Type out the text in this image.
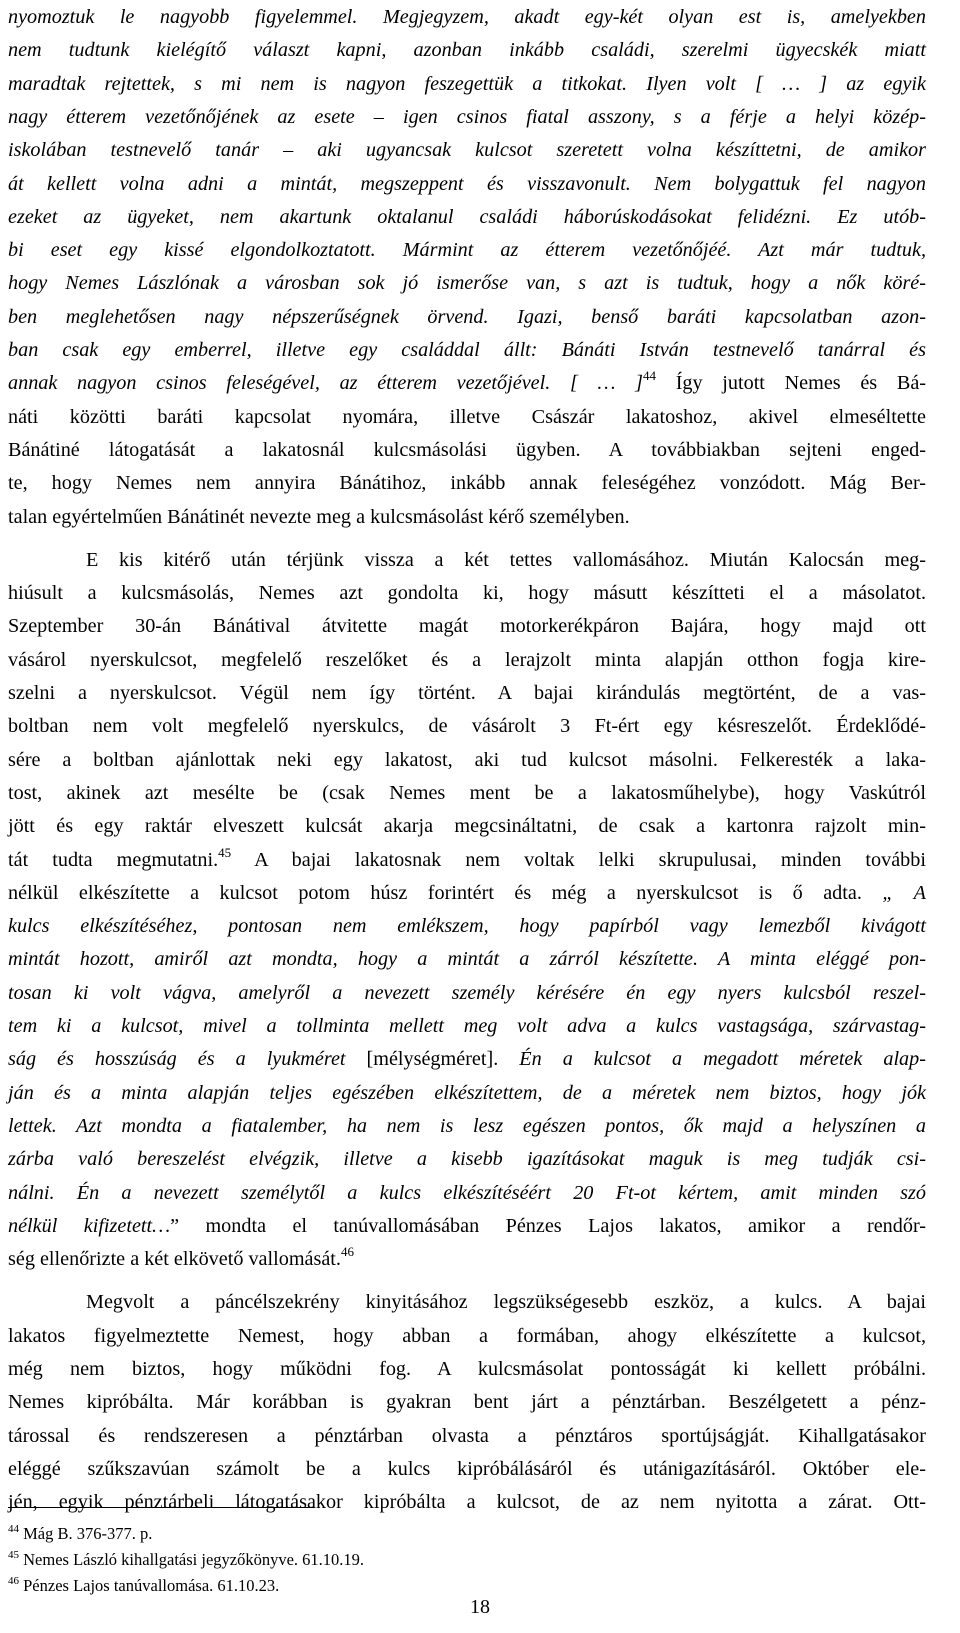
nyomoztuk le nagyobb figyelemmel. Megjegyzem, akadt egy-két olyan est is, amelyekben
nem tudtunk kielégítő választ kapni, azonban inkább családi, szerelmi ügyecskék miatt
maradtak rejtettek, s mi nem is nagyon feszegettük a titkokat. Ilyen volt [ … ] az egyik
nagy étterem vezetőnőjének az esete – igen csinos fiatal asszony, s a férje a helyi közép-
iskolában testnevelő tanár – aki ugyancsak kulcsot szeretett volna készíttetni, de amikor
át kellett volna adni a mintát, megszeppent és visszavonult. Nem bolygattuk fel nagyon
ezeket az ügyeket, nem akartunk oktalanul családi háborúskodásokat felidézni. Ez utób-
bi eset egy kissé elgondolkoztatott. Mármint az étterem vezetőnőjéé. Azt már tudtuk,
hogy Nemes Lászlónak a városban sok jó ismerőse van, s azt is tudtuk, hogy a nők köré-
ben meglehetősen nagy népszerűségnek örvend. Igazi, benső baráti kapcsolatban azon-
ban csak egy emberrel, illetve egy családdal állt: Bánáti István testnevelő tanárral és
annak nagyon csinos feleségével, az étterem vezetőjével. [ … ]$^{44}$ Így jutott Nemes és Bá-
náti közötti baráti kapcsolat nyomára, illetve Császár lakatoshoz, akivel elmeséltette
Bánátiné látogatását a lakatosnál kulcsmásolási ügyben. A továbbiakban sejteni enged-
te, hogy Nemes nem annyira Bánátihoz, inkább annak feleségéhez vonzódott. Mág Ber-
talan egyértelműen Bánátinét nevezte meg a kulcsmásolást kérő személyben.
E kis kitérő után térjünk vissza a két tettes vallomásához. Miután Kalocsán meg-
hiúsult a kulcsmásolás, Nemes azt gondolta ki, hogy másutt készítteti el a másolatot.
Szeptember 30-án Bánátival átvitette magát motorkerékpáron Bajára, hogy majd ott
vásárol nyerskulcsot, megfelelő reszelőket és a lerajzolt minta alapján otthon fogja kire-
szelni a nyerskulcsot. Végül nem így történt. A bajai kirándulás megtörtént, de a vas-
boltban nem volt megfelelő nyerskulcs, de vásárolt 3 Ft-ért egy késreszelőt. Érdeklődé-
sére a boltban ajánlottak neki egy lakatost, aki tud kulcsot másolni. Felkeresték a laka-
tost, akinek azt mesélte be (csak Nemes ment be a lakatosműhelybe), hogy Vaskútról
jött és egy raktár elveszett kulcsát akarja megcsináltatni, de csak a kartonra rajzolt min-
tát tudta megmutatni.$^{45}$ A bajai lakatosnak nem voltak lelki skrupulusai, minden további
nélkül elkészítette a kulcsot potom húsz forintért és még a nyerskulcsot is ő adta. „ A
kulcs elkészítéséhez, pontosan nem emlékszem, hogy papírból vagy lemezből kivágott
mintát hozott, amiről azt mondta, hogy a mintát a zárról készítette. A minta eléggé pon-
tosan ki volt vágva, amelyről a nevezett személy kérésére én egy nyers kulcsból reszel-
tem ki a kulcsot, mivel a tollminta mellett meg volt adva a kulcs vastagsága, szárvastag-
ság és hosszúság és a lyukméret [mélységméret]. Én a kulcsot a megadott méretek alap-
ján és a minta alapján teljes egészében elkészítettem, de a méretek nem biztos, hogy jók
lettek. Azt mondta a fiatalember, ha nem is lesz egészen pontos, ők majd a helyszínen a
zárba való bereszelést elvégzik, illetve a kisebb igazításokat maguk is meg tudják csi-
nálni. Én a nevezett személytől a kulcs elkészítéséért 20 Ft-ot kértem, amit minden szó
nélkül kifizetett…” mondta el tanúvallomásában Pénzes Lajos lakatos, amikor a rendőr-
ség ellenőrizte a két elkövető vallomását.$^{46}$
Megvolt a páncélszekrény kinyitásához legszükségesebb eszköz, a kulcs. A bajai
lakatos figyelmeztette Nemest, hogy abban a formában, ahogy elkészítette a kulcsot,
még nem biztos, hogy működni fog. A kulcsmásolat pontosságát ki kellett próbálni.
Nemes kipróbálta. Már korábban is gyakran bent járt a pénztárban. Beszélgetett a pénz-
tárossal és rendszeresen a pénztárban olvasta a pénztáros sportújságját. Kihallgatásakor
eléggé szűkszavúan számolt be a kulcs kipróbálásáról és utánigazításáról. Október ele-
jén, egyik pénztárbeli látogatásakor kipróbálta a kulcsot, de az nem nyitotta a zárat. Ott-
$^{44}$ Mág B. 376-377. p.
$^{45}$ Nemes László kihallgatási jegyzőkönyve. 61.10.19.
$^{46}$ Pénzes Lajos tanúvallomása. 61.10.23.
18
